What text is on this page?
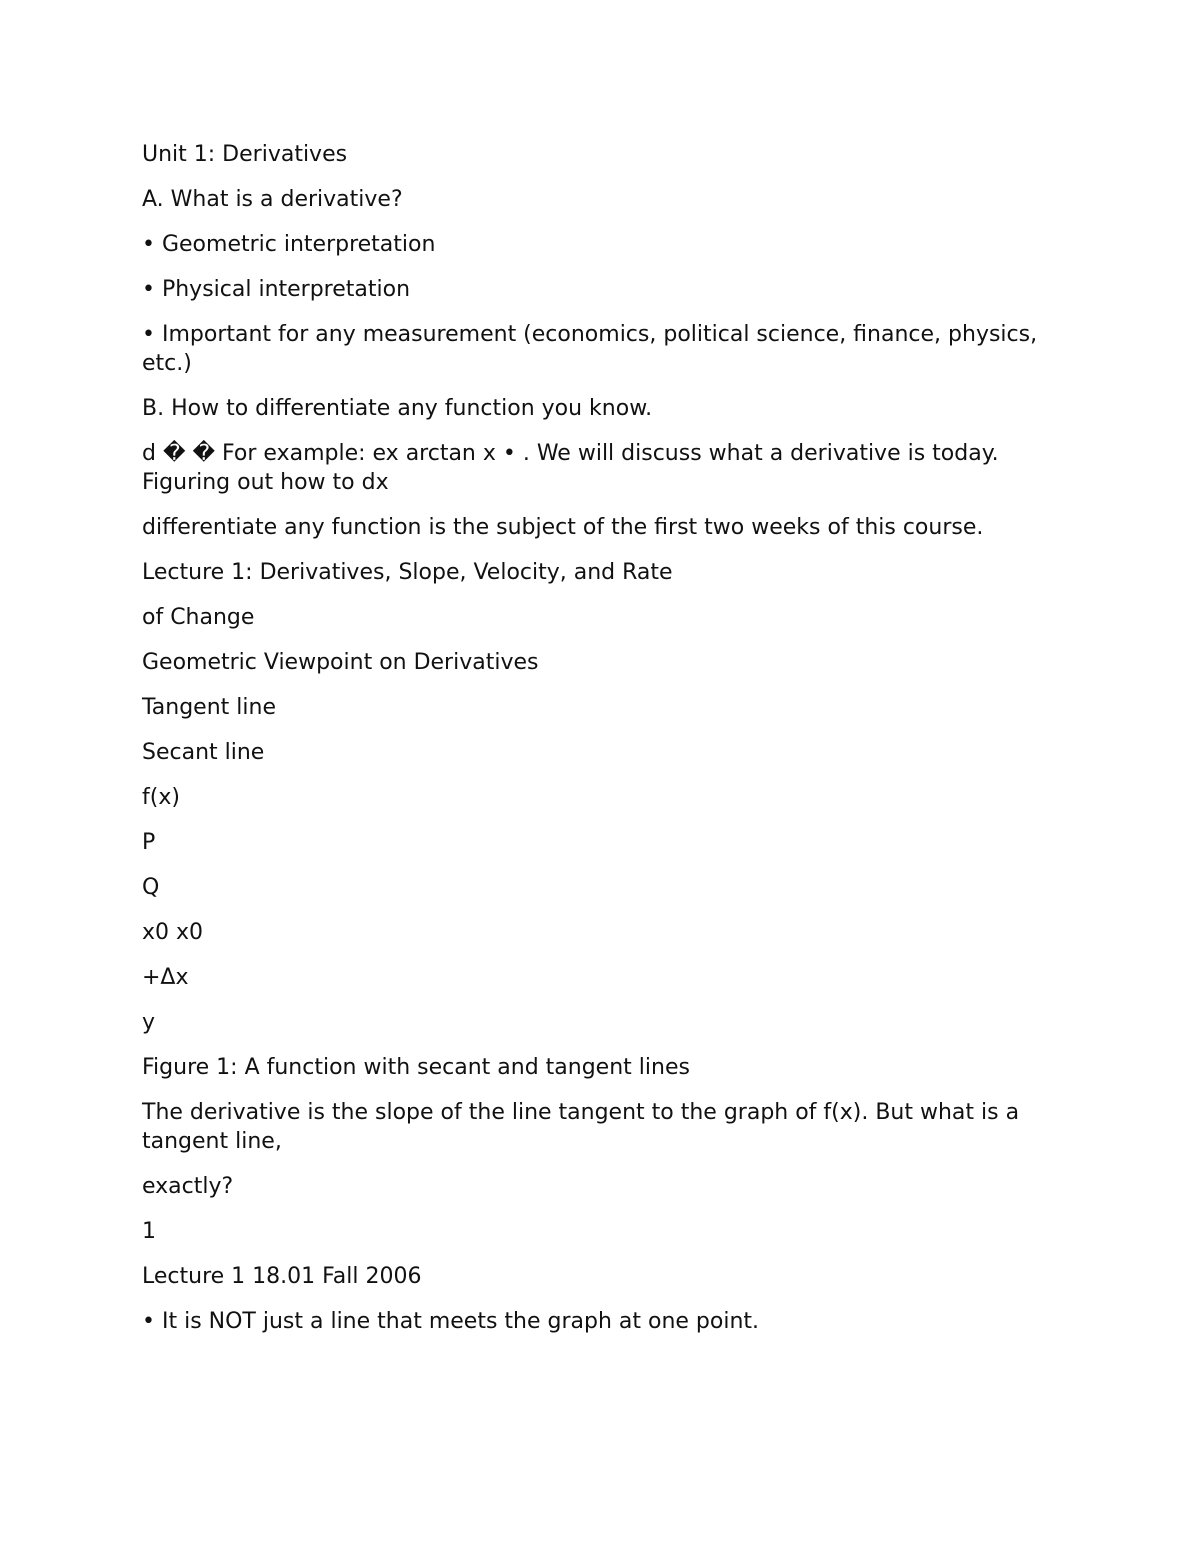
Unit 1: Derivatives

A. What is a derivative?

• Geometric interpretation

• Physical interpretation

• Important for any measurement (economics, political science, finance, physics, etc.)

B. How to differentiate any function you know.

d � � For example: ex arctan x • . We will discuss what a derivative is today. Figuring out how to dx

differentiate any function is the subject of the first two weeks of this course.

Lecture 1: Derivatives, Slope, Velocity, and Rate

of Change

Geometric Viewpoint on Derivatives

Tangent line

Secant line

f(x)

P

Q

x0 x0

+Δx

y

Figure 1: A function with secant and tangent lines

The derivative is the slope of the line tangent to the graph of f(x). But what is a tangent line,

exactly?

1

Lecture 1 18.01 Fall 2006

• It is NOT just a line that meets the graph at one point.
